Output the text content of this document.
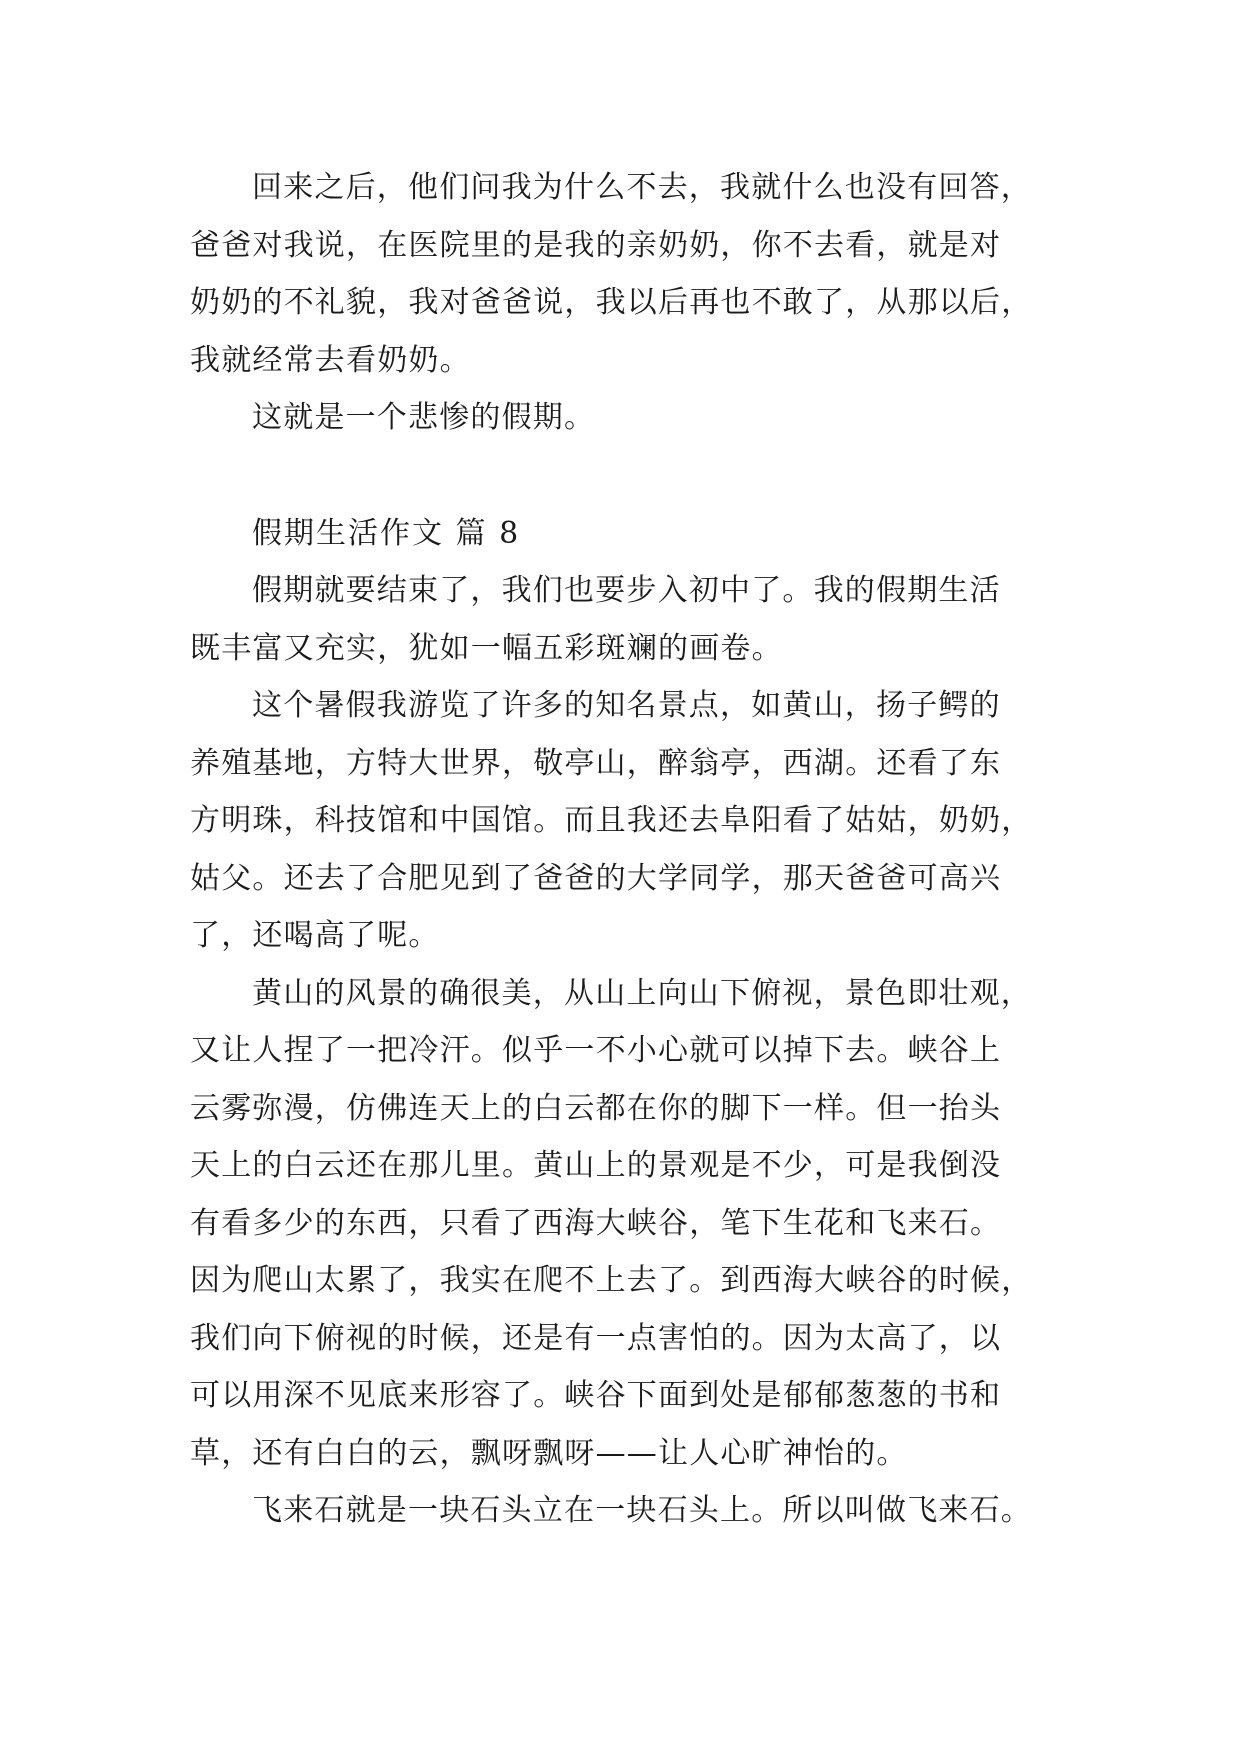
回来之后，他们问我为什么不去，我就什么也没有回答，
爸爸对我说，在医院里的是我的亲奶奶，你不去看，就是对
奶奶的不礼貌，我对爸爸说，我以后再也不敢了，从那以后，
我就经常去看奶奶。
这就是一个悲惨的假期。
假期生活作文 篇 8
假期就要结束了，我们也要步入初中了。我的假期生活
既丰富又充实，犹如一幅五彩斑斓的画卷。
这个暑假我游览了许多的知名景点，如黄山，扬子鳄的
养殖基地，方特大世界，敬亭山，醉翁亭，西湖。还看了东
方明珠，科技馆和中国馆。而且我还去阜阳看了姑姑，奶奶，
姑父。还去了合肥见到了爸爸的大学同学，那天爸爸可高兴
了，还喝高了呢。
黄山的风景的确很美，从山上向山下俯视，景色即壮观，
又让人捏了一把冷汗。似乎一不小心就可以掉下去。峡谷上
云雾弥漫，仿佛连天上的白云都在你的脚下一样。但一抬头
天上的白云还在那儿里。黄山上的景观是不少，可是我倒没
有看多少的东西，只看了西海大峡谷，笔下生花和飞来石。
因为爬山太累了，我实在爬不上去了。到西海大峡谷的时候，
我们向下俯视的时候，还是有一点害怕的。因为太高了，以
可以用深不见底来形容了。峡谷下面到处是郁郁葱葱的书和
草，还有白白的云，飘呀飘呀——让人心旷神怡的。
飞来石就是一块石头立在一块石头上。所以叫做飞来石。
